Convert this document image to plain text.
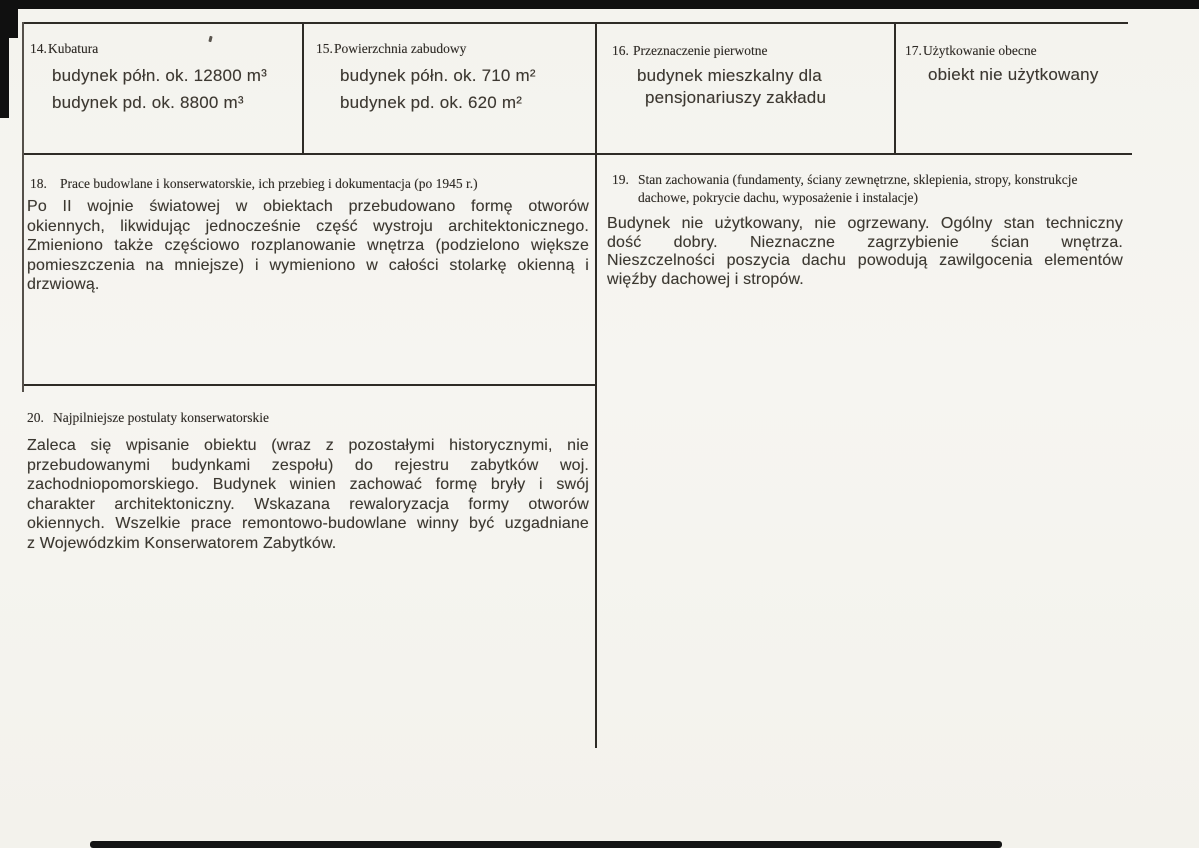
14.Kubatura
budynek półn. ok. 12800 m³
budynek pd. ok. 8800 m³
15.Powierzchnia zabudowy
budynek półn. ok. 710 m²
budynek pd. ok. 620 m²
16. Przeznaczenie pierwotne
budynek mieszkalny dla
pensjonariuszy zakładu
17.Użytkowanie obecne
obiekt nie użytkowany
18. Prace budowlane i konserwatorskie, ich przebieg i dokumentacja (po 1945 r.)
Po II wojnie światowej w obiektach przebudowano formę otworów
okiennych, likwidując jednocześnie część wystroju architektonicznego.
Zmieniono także częściowo rozplanowanie wnętrza (podzielono większe
pomieszczenia na mniejsze) i wymieniono w całości stolarkę okienną i
drzwiową.
19. Stan zachowania (fundamenty, ściany zewnętrzne, sklepienia, stropy, konstrukcje
dachowe, pokrycie dachu, wyposażenie i instalacje)
Budynek nie użytkowany, nie ogrzewany. Ogólny stan techniczny
dość dobry. Nieznaczne zagrzybienie ścian wnętrza.
Nieszczelności poszycia dachu powodują zawilgocenia elementów
więźby dachowej i stropów.
20. Najpilniejsze postulaty konserwatorskie
Zaleca się wpisanie obiektu (wraz z pozostałymi historycznymi, nie
przebudowanymi budynkami zespołu) do rejestru zabytków woj.
zachodniopomorskiego. Budynek winien zachować formę bryły i swój
charakter architektoniczny. Wskazana rewaloryzacja formy otworów
okiennych. Wszelkie prace remontowo-budowlane winny być uzgadniane
z Wojewódzkim Konserwatorem Zabytków.
